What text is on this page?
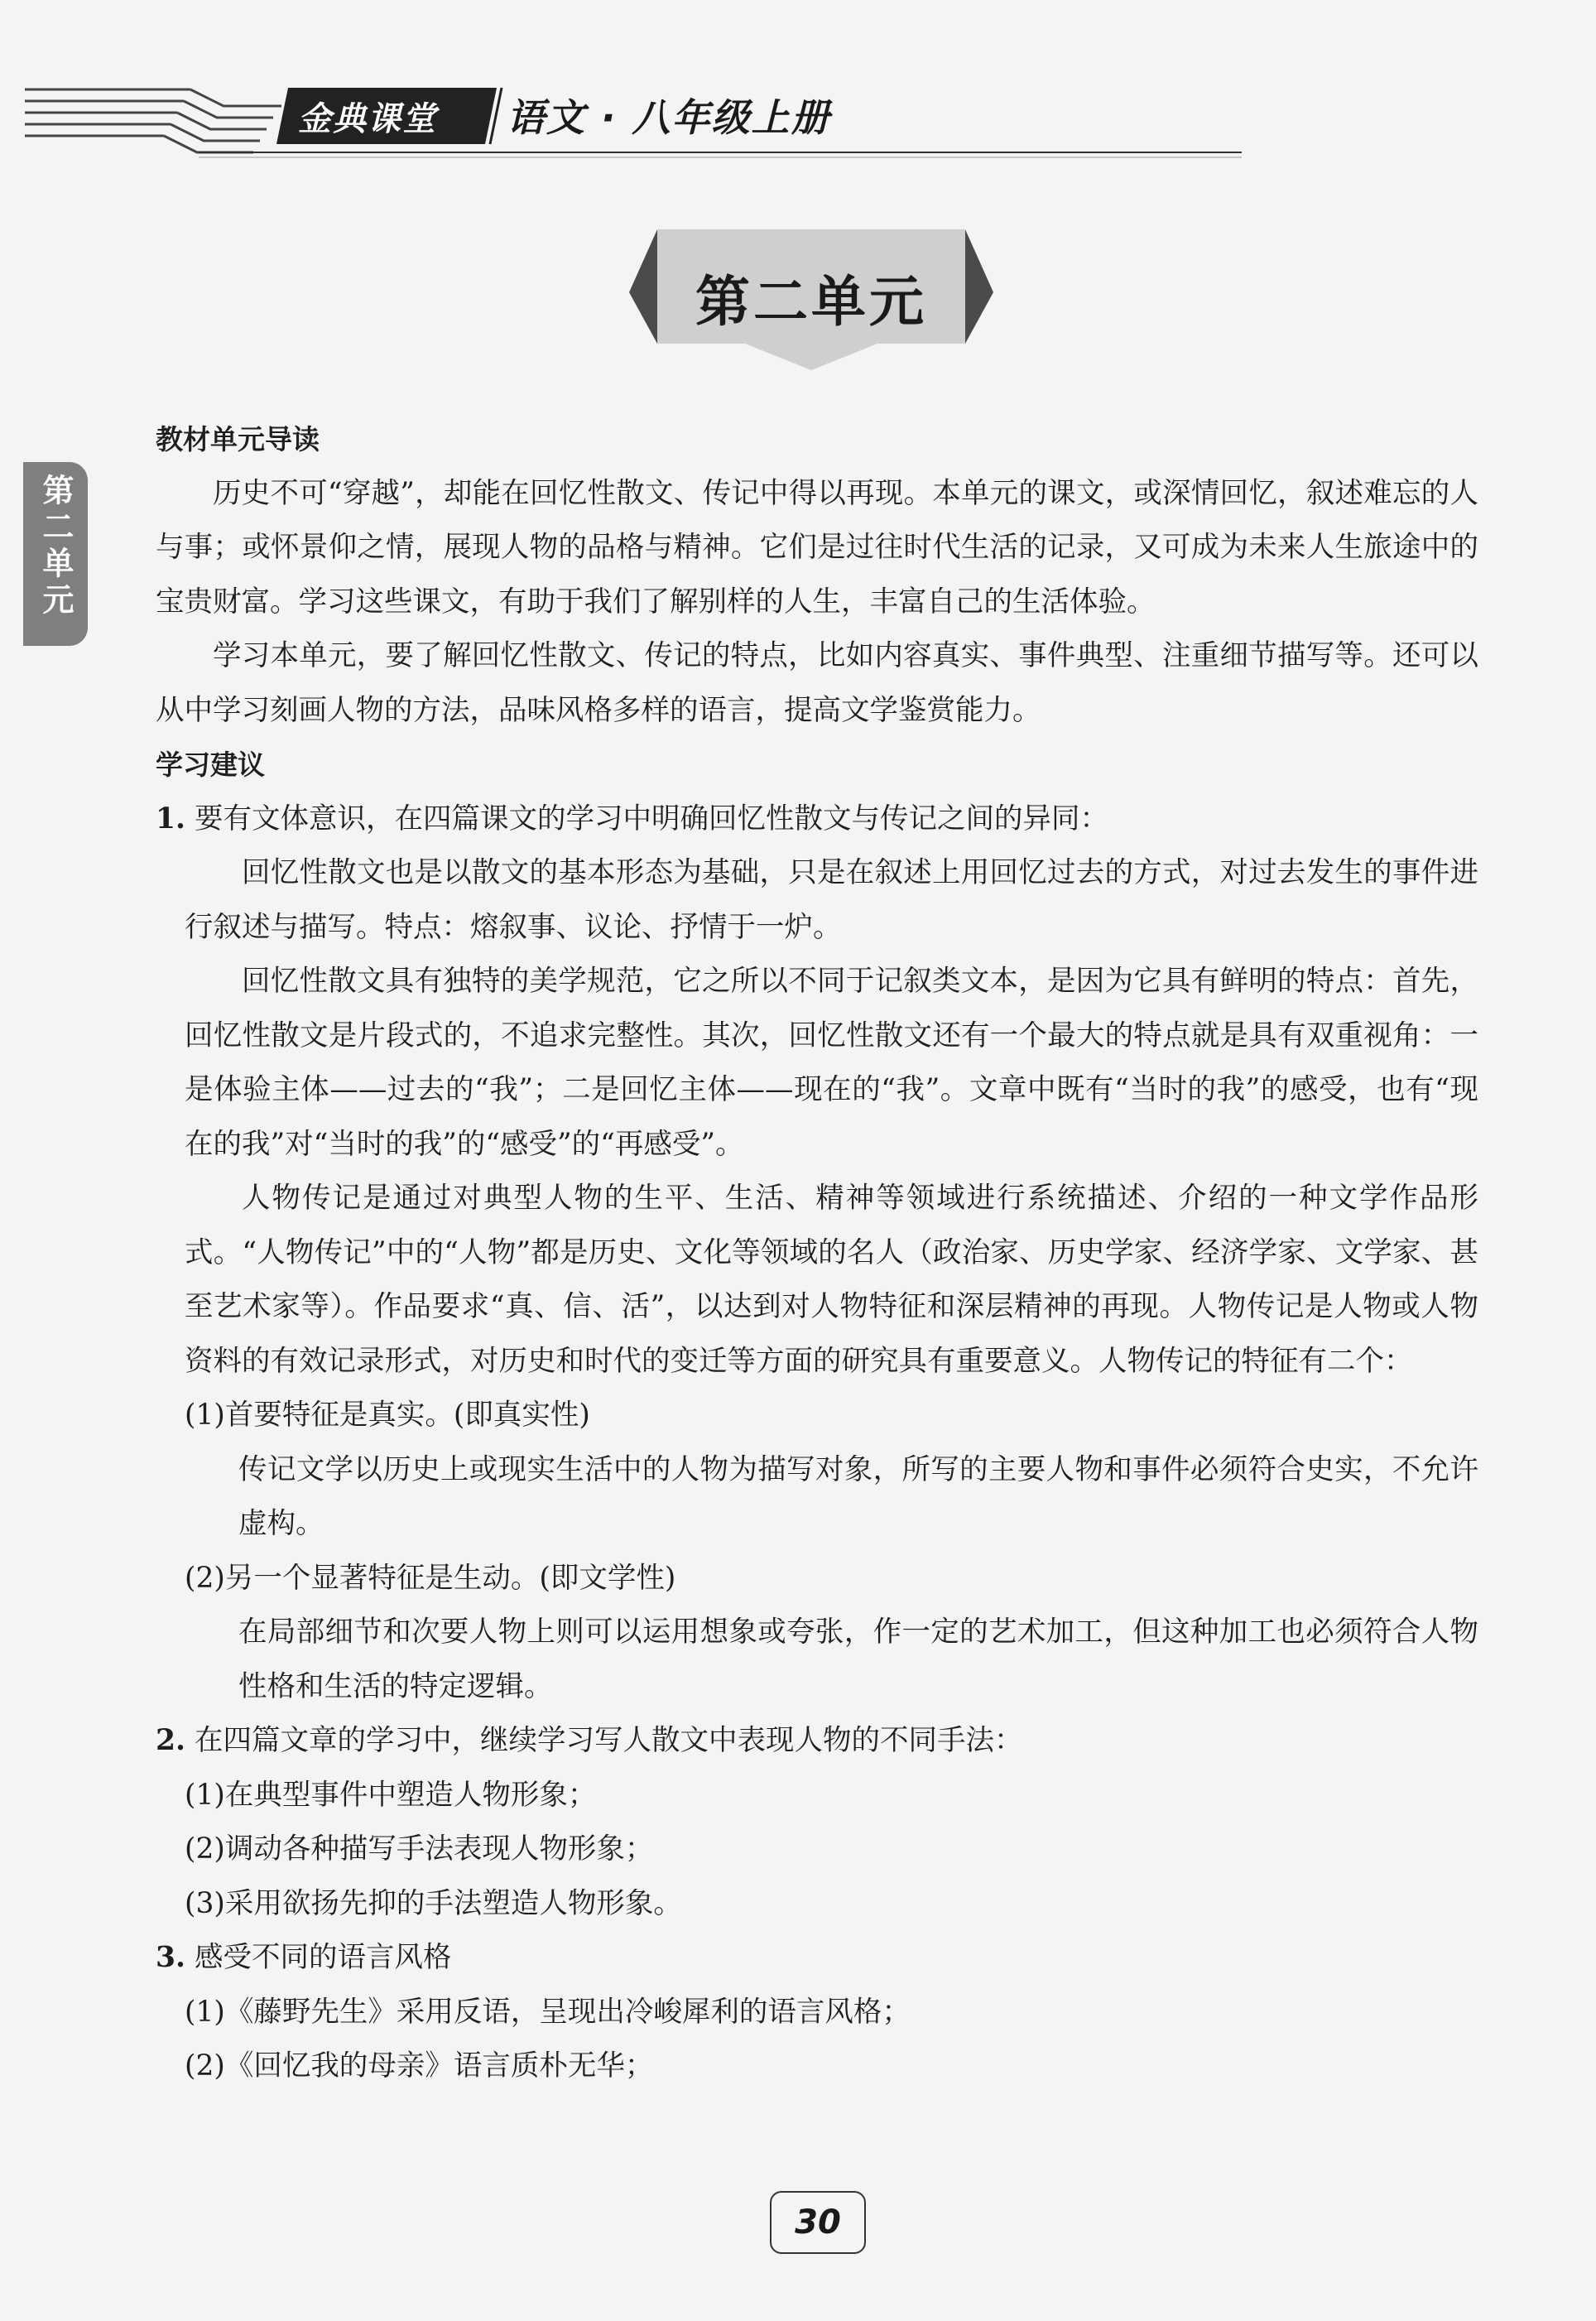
金典课堂 语文 · 八年级上册
第二单元
第二单元

教材单元导读

历史不可“穿越”，却能在回忆性散文、传记中得以再现。本单元的课文，或深情回忆，叙述难忘的人与事；或怀景仰之情，展现人物的品格与精神。它们是过往时代生活的记录，又可成为未来人生旅途中的宝贵财富。学习这些课文，有助于我们了解别样的人生，丰富自己的生活体验。

学习本单元，要了解回忆性散文、传记的特点，比如内容真实、事件典型、注重细节描写等。还可以从中学习刻画人物的方法，品味风格多样的语言，提高文学鉴赏能力。

学习建议

1. 要有文体意识，在四篇课文的学习中明确回忆性散文与传记之间的异同：

回忆性散文也是以散文的基本形态为基础，只是在叙述上用回忆过去的方式，对过去发生的事件进行叙述与描写。特点：熔叙事、议论、抒情于一炉。

回忆性散文具有独特的美学规范，它之所以不同于记叙类文本，是因为它具有鲜明的特点：首先，回忆性散文是片段式的，不追求完整性。其次，回忆性散文还有一个最大的特点就是具有双重视角：一是体验主体——过去的“我”；二是回忆主体——现在的“我”。文章中既有“当时的我”的感受，也有“现在的我”对“当时的我”的“感受”的“再感受”。

人物传记是通过对典型人物的生平、生活、精神等领域进行系统描述、介绍的一种文学作品形式。“人物传记”中的“人物”都是历史、文化等领域的名人（政治家、历史学家、经济学家、文学家、甚至艺术家等）。作品要求“真、信、活”，以达到对人物特征和深层精神的再现。人物传记是人物或人物资料的有效记录形式，对历史和时代的变迁等方面的研究具有重要意义。人物传记的特征有二个：

(1)首要特征是真实。(即真实性)

传记文学以历史上或现实生活中的人物为描写对象，所写的主要人物和事件必须符合史实，不允许虚构。

(2)另一个显著特征是生动。(即文学性)

在局部细节和次要人物上则可以运用想象或夸张，作一定的艺术加工，但这种加工也必须符合人物性格和生活的特定逻辑。

2. 在四篇文章的学习中，继续学习写人散文中表现人物的不同手法：

(1)在典型事件中塑造人物形象；

(2)调动各种描写手法表现人物形象；

(3)采用欲扬先抑的手法塑造人物形象。

3. 感受不同的语言风格

(1)《藤野先生》采用反语，呈现出冷峻犀利的语言风格；

(2)《回忆我的母亲》语言质朴无华；

30
